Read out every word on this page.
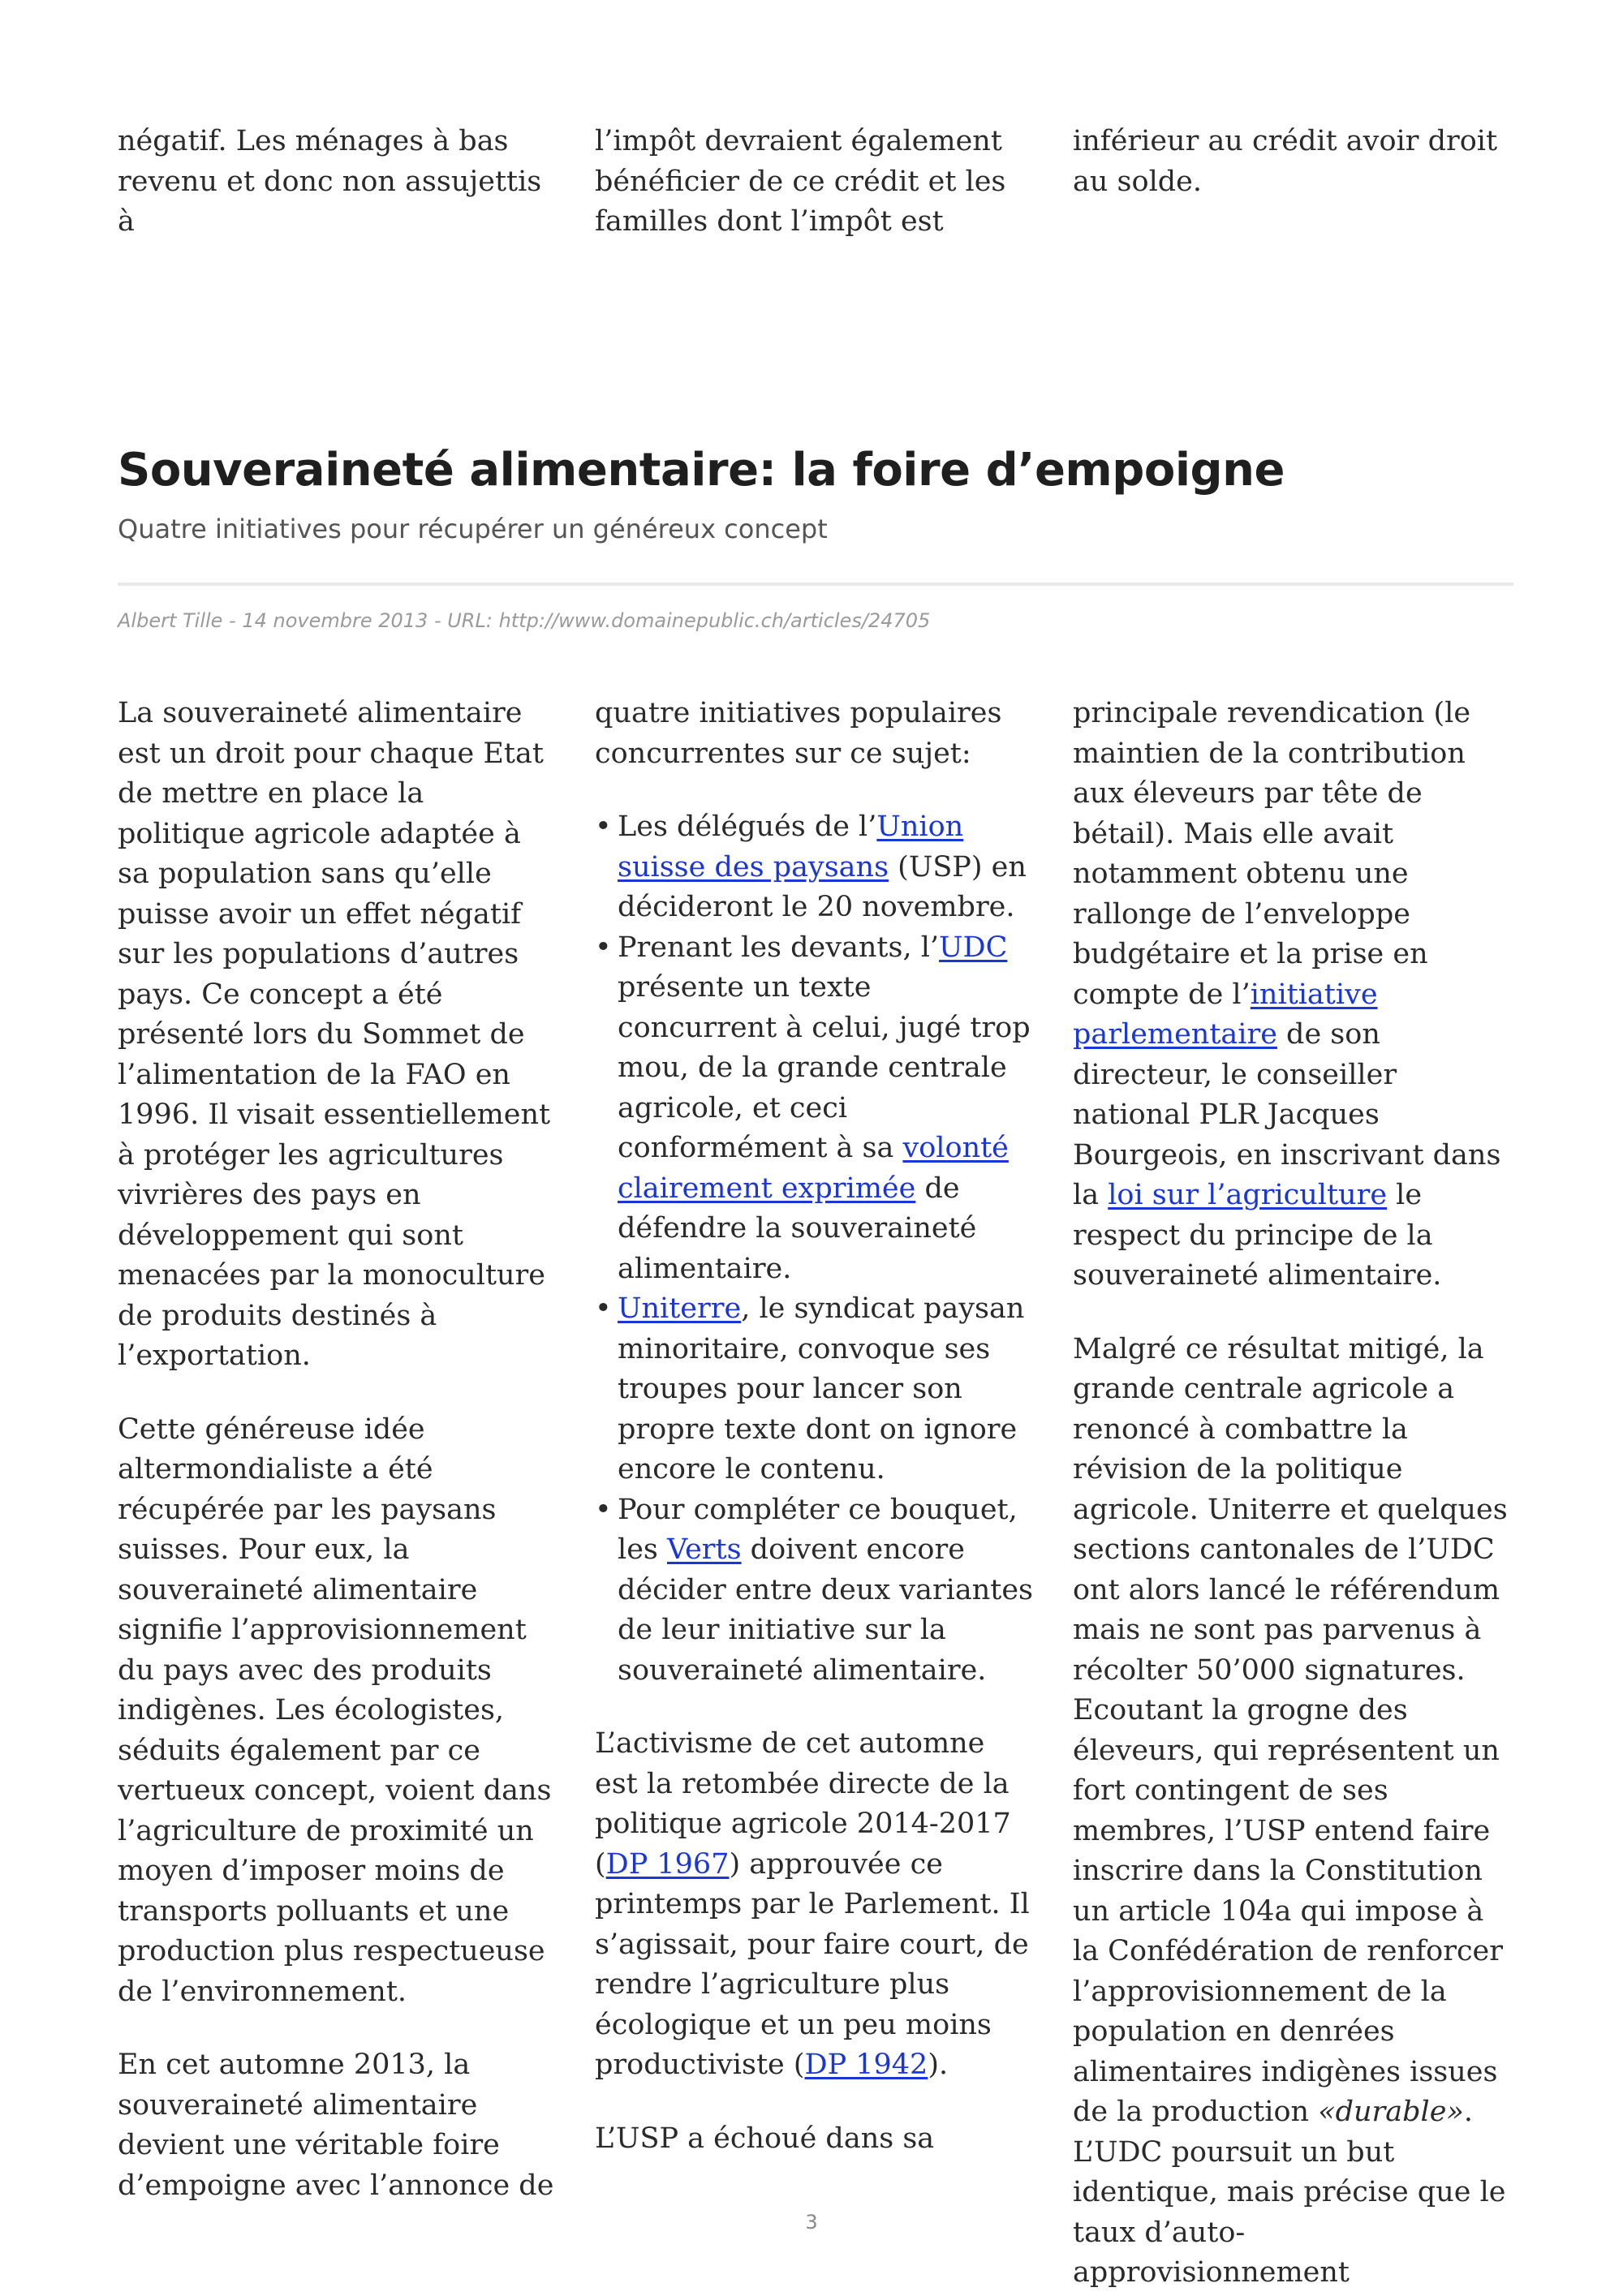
négatif. Les ménages à bas revenu et donc non assujettis à

l’impôt devraient également bénéficier de ce crédit et les familles dont l’impôt est

inférieur au crédit avoir droit au solde.

Souveraineté alimentaire: la foire d’empoigne
Quatre initiatives pour récupérer un généreux concept
Albert Tille - 14 novembre 2013 - URL: http://www.domainepublic.ch/articles/24705

La souveraineté alimentaire est un droit pour chaque Etat de mettre en place la politique agricole adaptée à sa population sans qu’elle puisse avoir un effet négatif sur les populations d’autres pays. Ce concept a été présenté lors du Sommet de l’alimentation de la FAO en 1996. Il visait essentiellement à protéger les agricultures vivrières des pays en développement qui sont menacées par la monoculture de produits destinés à l’exportation.

Cette généreuse idée altermondialiste a été récupérée par les paysans suisses. Pour eux, la souveraineté alimentaire signifie l’approvisionnement du pays avec des produits indigènes. Les écologistes, séduits également par ce vertueux concept, voient dans l’agriculture de proximité un moyen d’imposer moins de transports polluants et une production plus respectueuse de l’environnement.

En cet automne 2013, la souveraineté alimentaire devient une véritable foire d’empoigne avec l’annonce de

quatre initiatives populaires concurrentes sur ce sujet:

• Les délégués de l’Union suisse des paysans (USP) en décideront le 20 novembre.
• Prenant les devants, l’UDC présente un texte concurrent à celui, jugé trop mou, de la grande centrale agricole, et ceci conformément à sa volonté clairement exprimée de défendre la souveraineté alimentaire.
• Uniterre, le syndicat paysan minoritaire, convoque ses troupes pour lancer son propre texte dont on ignore encore le contenu.
• Pour compléter ce bouquet, les Verts doivent encore décider entre deux variantes de leur initiative sur la souveraineté alimentaire.

L’activisme de cet automne est la retombée directe de la politique agricole 2014-2017 (DP 1967) approuvée ce printemps par le Parlement. Il s’agissait, pour faire court, de rendre l’agriculture plus écologique et un peu moins productiviste (DP 1942).

L’USP a échoué dans sa

principale revendication (le maintien de la contribution aux éleveurs par tête de bétail). Mais elle avait notamment obtenu une rallonge de l’enveloppe budgétaire et la prise en compte de l’initiative parlementaire de son directeur, le conseiller national PLR Jacques Bourgeois, en inscrivant dans la loi sur l’agriculture le respect du principe de la souveraineté alimentaire.

Malgré ce résultat mitigé, la grande centrale agricole a renoncé à combattre la révision de la politique agricole. Uniterre et quelques sections cantonales de l’UDC ont alors lancé le référendum mais ne sont pas parvenus à récolter 50’000 signatures. Ecoutant la grogne des éleveurs, qui représentent un fort contingent de ses membres, l’USP entend faire inscrire dans la Constitution un article 104a qui impose à la Confédération de renforcer l’approvisionnement de la population en denrées alimentaires indigènes issues de la production «durable». L’UDC poursuit un but identique, mais précise que le taux d’auto-approvisionnement

3
